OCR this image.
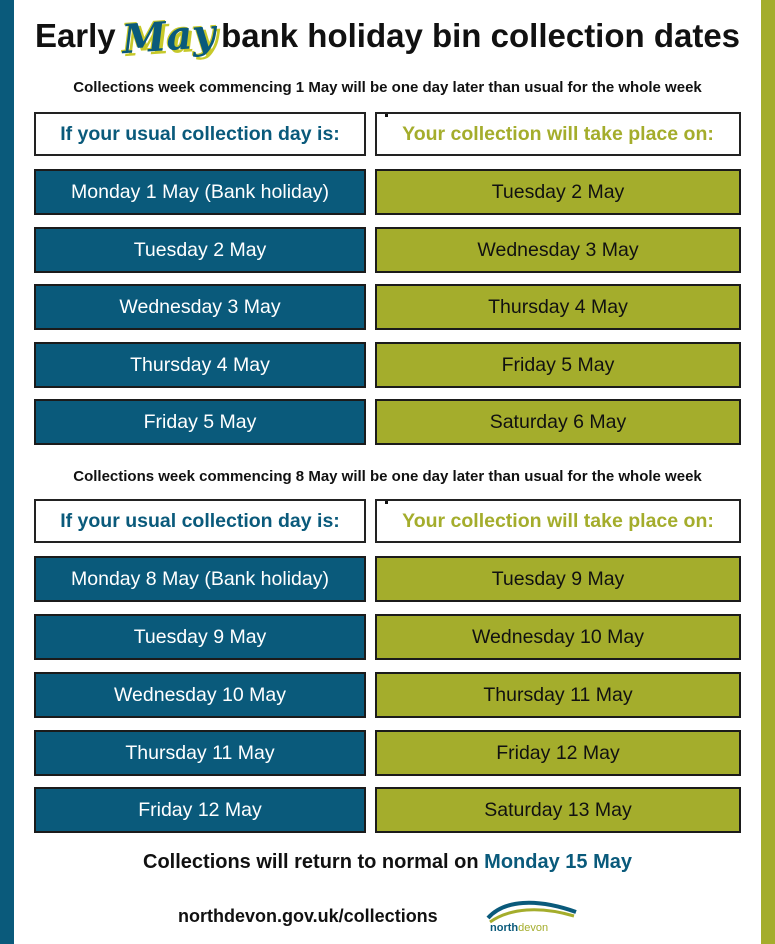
Early May bank holiday bin collection dates
Collections week commencing 1 May will be one day later than usual for the whole week
If your usual collection day is:	Your collection will take place on:
Monday 1 May (Bank holiday)	Tuesday 2 May
Tuesday 2 May	Wednesday 3 May
Wednesday 3 May	Thursday 4 May
Thursday 4 May	Friday 5 May
Friday 5 May	Saturday 6 May
Collections week commencing 8 May will be one day later than usual for the whole week
If your usual collection day is:	Your collection will take place on:
Monday 8 May (Bank holiday)	Tuesday 9 May
Tuesday 9 May	Wednesday 10 May
Wednesday 10 May	Thursday 11 May
Thursday 11 May	Friday 12 May
Friday 12 May	Saturday 13 May
Collections will return to normal on Monday 15 May
northdevon.gov.uk/collections
northdevon
